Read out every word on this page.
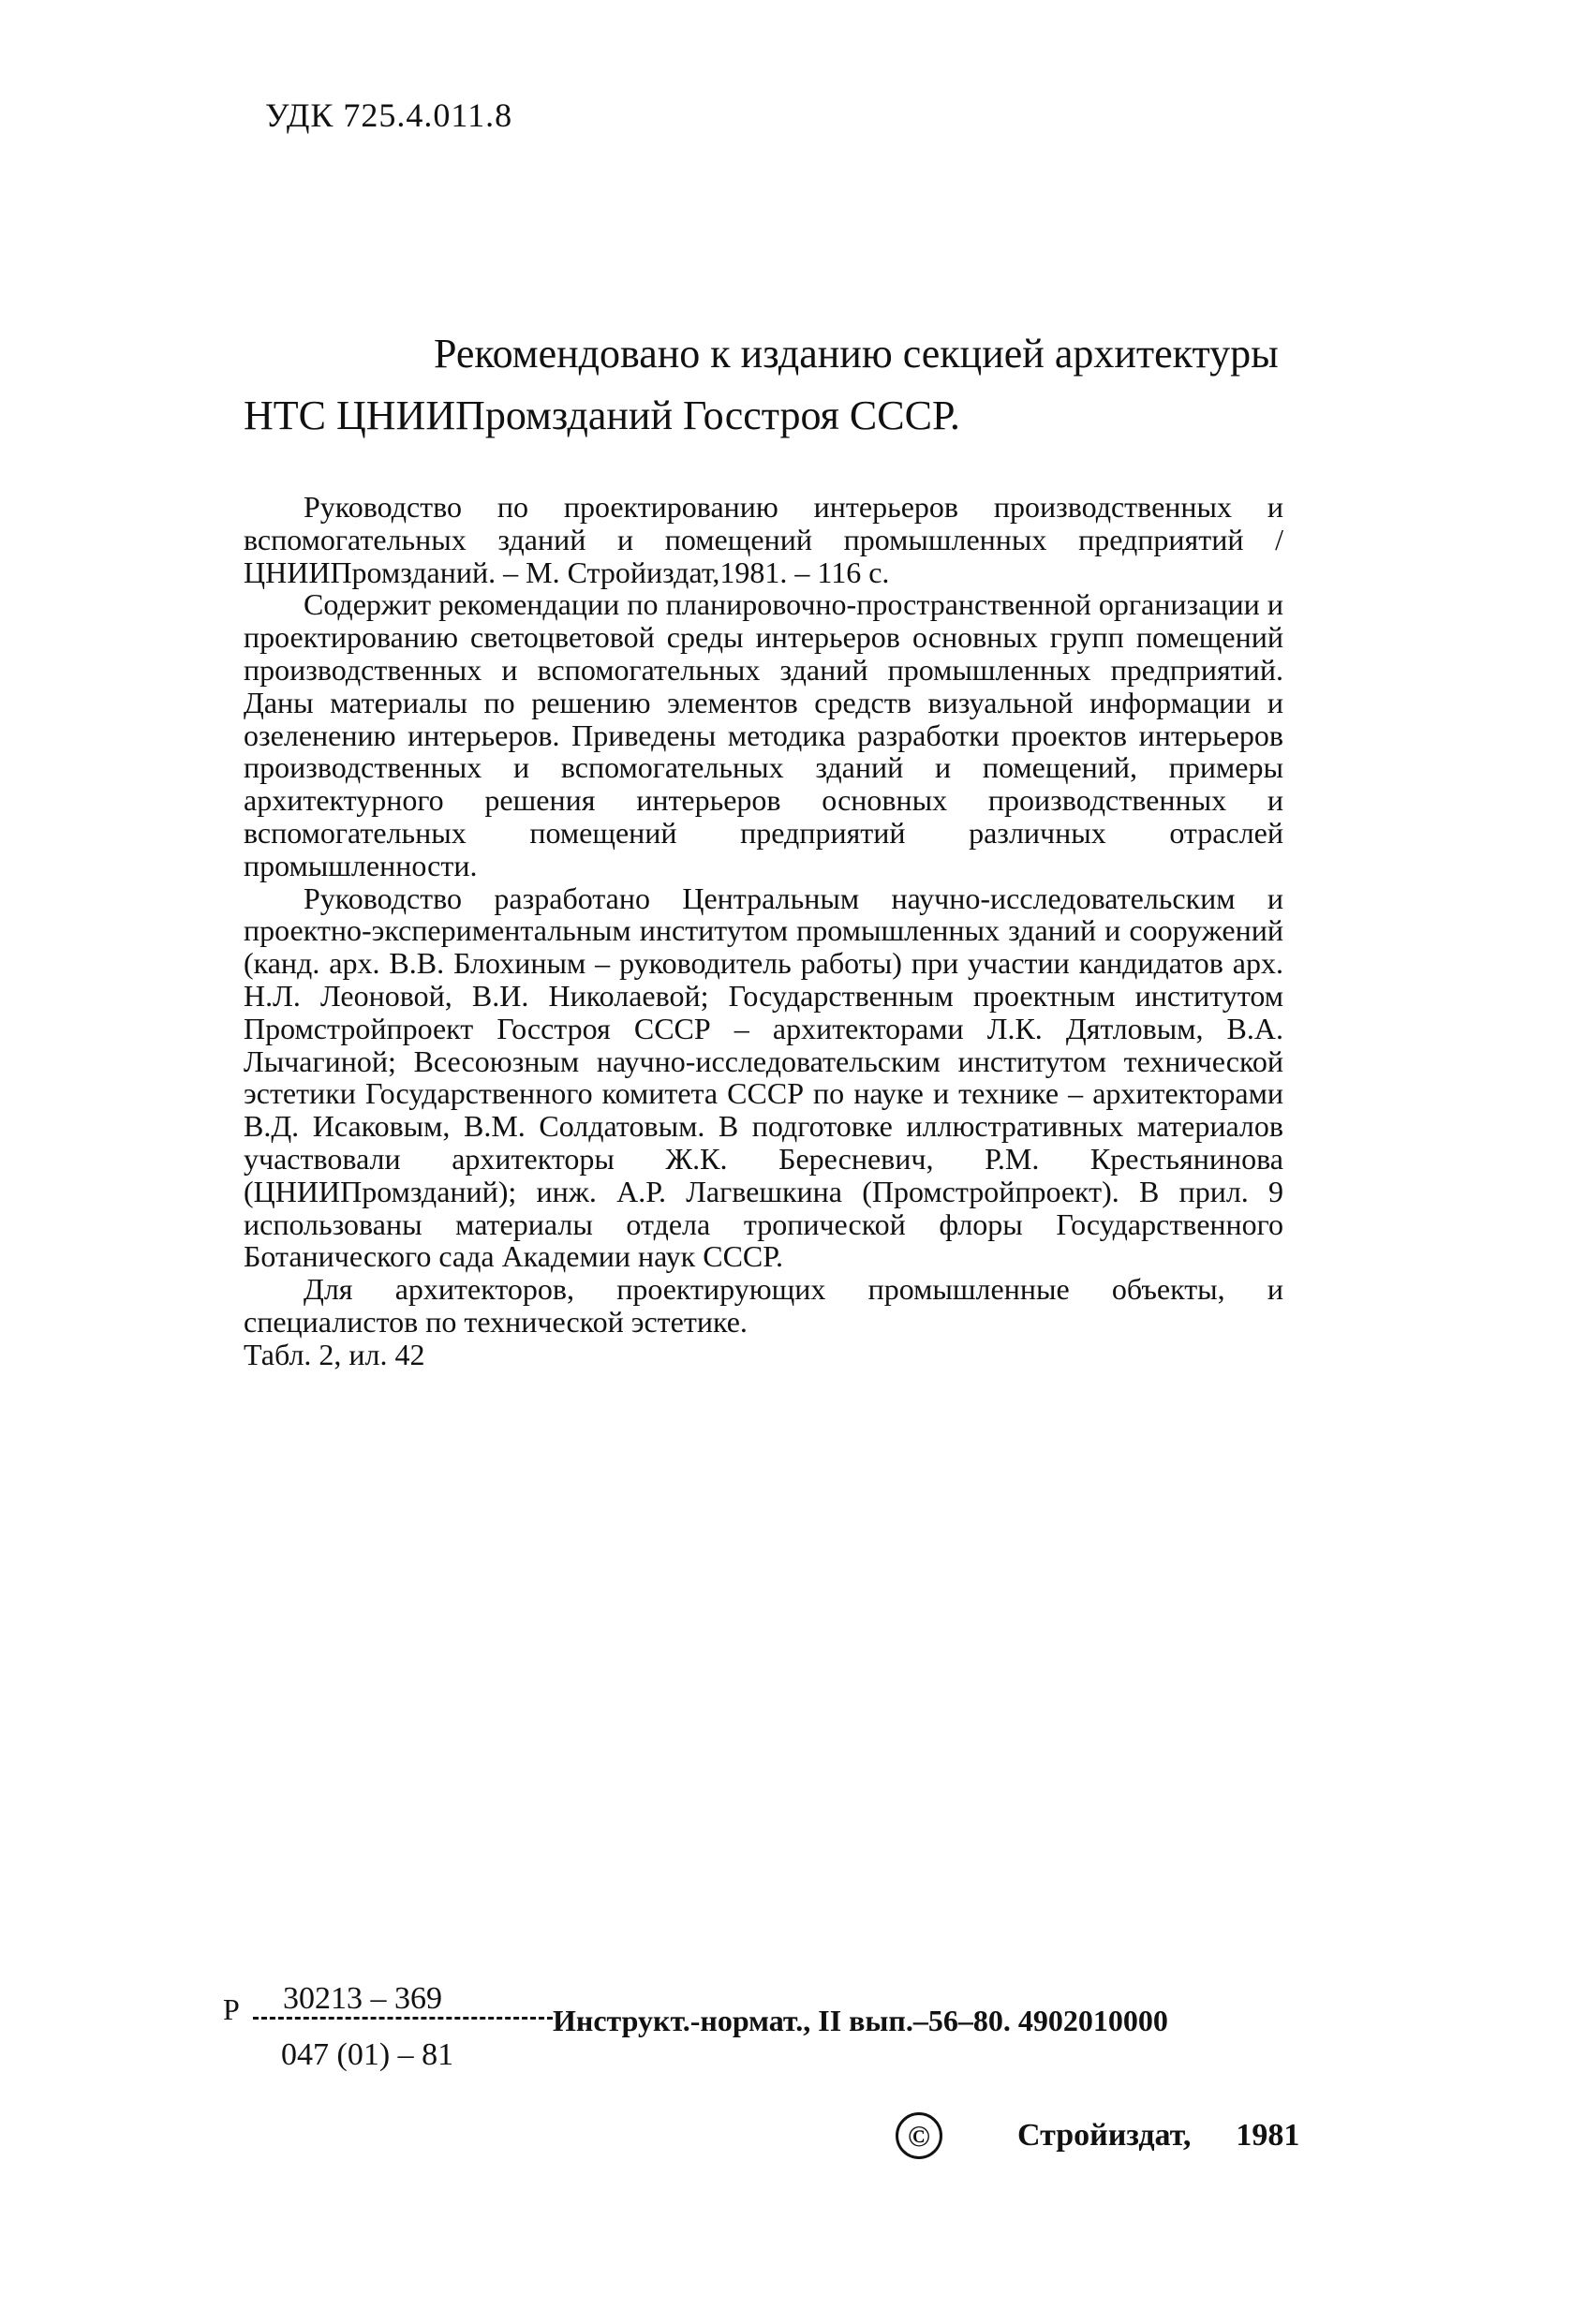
УДК 725.4.011.8
Рекомендовано к изданию секцией архитектуры
НТС ЦНИИПромзданий Госстроя СССР.

Руководство по проектированию интерьеров производственных и вспомогательных зданий и помещений промышленных предприятий /ЦНИИПромзданий. – М. Стройиздат,1981. – 116 с.

Содержит рекомендации по планировочно-пространственной организации и проектированию светоцветовой среды интерьеров основных групп помещений производственных и вспомогательных зданий промышленных предприятий. Даны материалы по решению элементов средств визуальной информации и озеленению интерьеров. Приведены методика разработки проектов интерьеров производственных и вспомогательных зданий и помещений, примеры архитектурного решения интерьеров основных производственных и вспомогательных помещений предприятий различных отраслей промышленности.

Руководство разработано Центральным научно-исследовательским и проектно-экспериментальным институтом промышленных зданий и сооружений (канд. арх. В.В. Блохиным – руководитель работы) при участии кандидатов арх. Н.Л. Леоновой, В.И. Николаевой; Государственным проектным институтом Промстройпроект Госстроя СССР – архитекторами Л.К. Дятловым, В.А. Лычагиной; Всесоюзным научно-исследовательским институтом технической эстетики Государственного комитета СССР по науке и технике – архитекторами В.Д. Исаковым, В.М. Солдатовым. В подготовке иллюстративных материалов участвовали архитекторы Ж.К. Бересневич, Р.М. Крестьянинова (ЦНИИПромзданий); инж. А.Р. Лагвешкина (Промстройпроект). В прил. 9 использованы материалы отдела тропической флоры Государственного Ботанического сада Академии наук СССР.

Для архитекторов, проектирующих промышленные объекты, и специалистов по технической эстетике.

Табл. 2, ил. 42

Р 30213 – 369
Инструкт.-нормат., II вып.–56–80. 4902010000
047 (01) – 81
©	Стройиздат, 1981
